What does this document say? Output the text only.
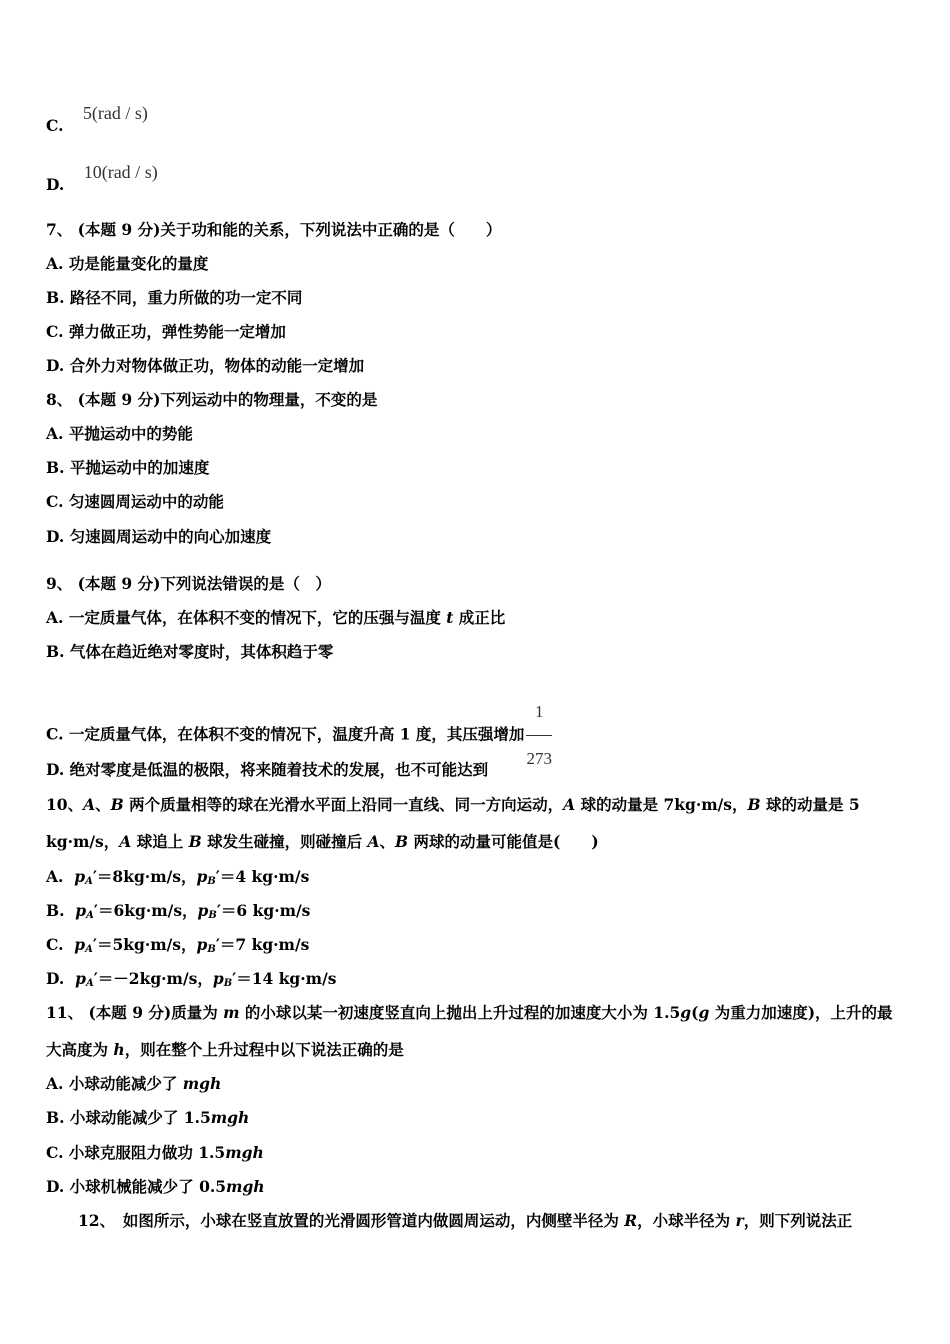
C. 5(rad / s)
D. 10(rad / s)
7、 (本题 9 分)关于功和能的关系，下列说法中正确的是（　　）
A. 功是能量变化的量度
B. 路径不同，重力所做的功一定不同
C. 弹力做正功，弹性势能一定增加
D. 合外力对物体做正功，物体的动能一定增加
8、 (本题 9 分)下列运动中的物理量，不变的是
A. 平抛运动中的势能
B. 平抛运动中的加速度
C. 匀速圆周运动中的动能
D. 匀速圆周运动中的向心加速度
9、 (本题 9 分)下列说法错误的是（　）
A. 一定质量气体，在体积不变的情况下，它的压强与温度 t 成正比
B. 气体在趋近绝对零度时，其体积趋于零
C. 一定质量气体，在体积不变的情况下，温度升高 1 度，其压强增加 $\frac{1}{273}$
D. 绝对零度是低温的极限，将来随着技术的发展，也不可能达到
10、A、B 两个质量相等的球在光滑水平面上沿同一直线、同一方向运动，A 球的动量是 7kg·m/s，B 球的动量是 5
kg·m/s，A 球追上 B 球发生碰撞，则碰撞后 A、B 两球的动量可能值是(　　)
A. $p_A'=8kg\cdot m/s$，$p_B'=4$ kg·m/s
B. $p_A'=6kg\cdot m/s$，$p_B'=6$ kg·m/s
C. $p_A'=5kg\cdot m/s$，$p_B'=7$ kg·m/s
D. $p_A'=-2kg\cdot m/s$，$p_B'=14$ kg·m/s
11、 (本题 9 分)质量为 m 的小球以某一初速度竖直向上抛出上升过程的加速度大小为 1.5g(g 为重力加速度)，上升的最
大高度为 h，则在整个上升过程中以下说法正确的是
A. 小球动能减少了 mgh
B. 小球动能减少了 1.5mgh
C. 小球克服阻力做功 1.5mgh
D. 小球机械能减少了 0.5mgh
12、　如图所示，小球在竖直放置的光滑圆形管道内做圆周运动，内侧壁半径为 R，小球半径为 r，则下列说法正
